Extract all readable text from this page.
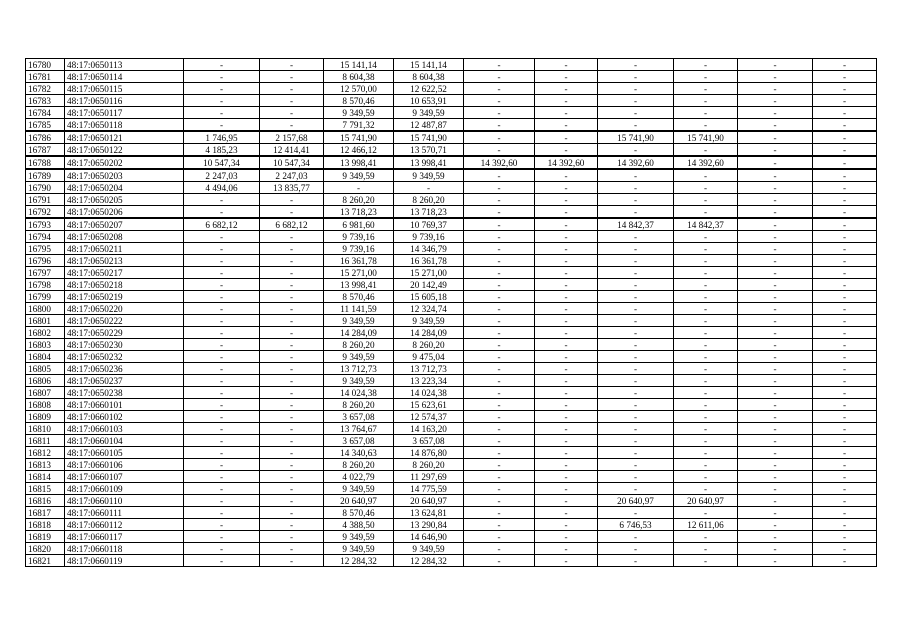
16780	48:17:0650113	-	-	15 141,14	15 141,14	-	-	-	-	-	-
16781	48:17:0650114	-	-	8 604,38	8 604,38	-	-	-	-	-	-
16782	48:17:0650115	-	-	12 570,00	12 622,52	-	-	-	-	-	-
16783	48:17:0650116	-	-	8 570,46	10 653,91	-	-	-	-	-	-
16784	48:17:0650117	-	-	9 349,59	9 349,59	-	-	-	-	-	-
16785	48:17:0650118	-	-	7 791,32	12 487,87	-	-	-	-	-	-
16786	48:17:0650121	1 746,95	2 157,68	15 741,90	15 741,90	-	-	15 741,90	15 741,90	-	-
16787	48:17:0650122	4 185,23	12 414,41	12 466,12	13 570,71	-	-	-	-	-	-
16788	48:17:0650202	10 547,34	10 547,34	13 998,41	13 998,41	14 392,60	14 392,60	14 392,60	14 392,60	-	-
16789	48:17:0650203	2 247,03	2 247,03	9 349,59	9 349,59	-	-	-	-	-	-
16790	48:17:0650204	4 494,06	13 835,77	-	-	-	-	-	-	-	-
16791	48:17:0650205	-	-	8 260,20	8 260,20	-	-	-	-	-	-
16792	48:17:0650206	-	-	13 718,23	13 718,23	-	-	-	-	-	-
16793	48:17:0650207	6 682,12	6 682,12	6 981,60	10 769,37	-	-	14 842,37	14 842,37	-	-
16794	48:17:0650208	-	-	9 739,16	9 739,16	-	-	-	-	-	-
16795	48:17:0650211	-	-	9 739,16	14 346,79	-	-	-	-	-	-
16796	48:17:0650213	-	-	16 361,78	16 361,78	-	-	-	-	-	-
16797	48:17:0650217	-	-	15 271,00	15 271,00	-	-	-	-	-	-
16798	48:17:0650218	-	-	13 998,41	20 142,49	-	-	-	-	-	-
16799	48:17:0650219	-	-	8 570,46	15 605,18	-	-	-	-	-	-
16800	48:17:0650220	-	-	11 141,59	12 324,74	-	-	-	-	-	-
16801	48:17:0650222	-	-	9 349,59	9 349,59	-	-	-	-	-	-
16802	48:17:0650229	-	-	14 284,09	14 284,09	-	-	-	-	-	-
16803	48:17:0650230	-	-	8 260,20	8 260,20	-	-	-	-	-	-
16804	48:17:0650232	-	-	9 349,59	9 475,04	-	-	-	-	-	-
16805	48:17:0650236	-	-	13 712,73	13 712,73	-	-	-	-	-	-
16806	48:17:0650237	-	-	9 349,59	13 223,34	-	-	-	-	-	-
16807	48:17:0650238	-	-	14 024,38	14 024,38	-	-	-	-	-	-
16808	48:17:0660101	-	-	8 260,20	15 623,61	-	-	-	-	-	-
16809	48:17:0660102	-	-	3 657,08	12 574,37	-	-	-	-	-	-
16810	48:17:0660103	-	-	13 764,67	14 163,20	-	-	-	-	-	-
16811	48:17:0660104	-	-	3 657,08	3 657,08	-	-	-	-	-	-
16812	48:17:0660105	-	-	14 340,63	14 876,80	-	-	-	-	-	-
16813	48:17:0660106	-	-	8 260,20	8 260,20	-	-	-	-	-	-
16814	48:17:0660107	-	-	4 022,79	11 297,69	-	-	-	-	-	-
16815	48:17:0660109	-	-	9 349,59	14 775,59	-	-	-	-	-	-
16816	48:17:0660110	-	-	20 640,97	20 640,97	-	-	20 640,97	20 640,97	-	-
16817	48:17:0660111	-	-	8 570,46	13 624,81	-	-	-	-	-	-
16818	48:17:0660112	-	-	4 388,50	13 290,84	-	-	6 746,53	12 611,06	-	-
16819	48:17:0660117	-	-	9 349,59	14 646,90	-	-	-	-	-	-
16820	48:17:0660118	-	-	9 349,59	9 349,59	-	-	-	-	-	-
16821	48:17:0660119	-	-	12 284,32	12 284,32	-	-	-	-	-	-
